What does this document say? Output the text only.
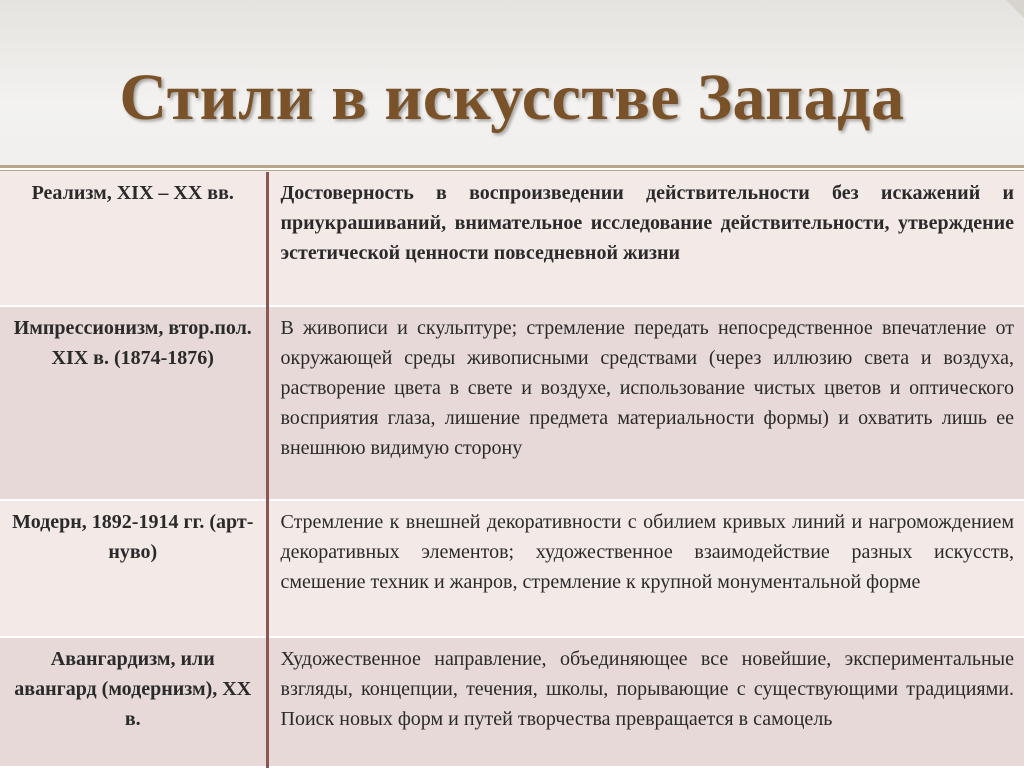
Стили в искусстве Запада
Реализм, XIX – XX вв.	Достоверность в воспроизведении действительности без искажений и приукрашиваний, внимательное исследование действительности, утверждение эстетической ценности повседневной жизни
Импрессионизм, втор.пол. XIX в. (1874-1876)	В живописи и скульптуре; стремление передать непосредственное впечатление от окружающей среды живописными средствами (через иллюзию света и воздуха, растворение цвета в свете и воздухе, использование чистых цветов и оптического восприятия глаза, лишение предмета материальности формы) и охватить лишь ее внешнюю видимую сторону
Модерн, 1892-1914 гг. (арт-нуво)	Стремление к внешней декоративности с обилием кривых линий и нагромождением декоративных элементов; художественное взаимодействие разных искусств, смешение техник и жанров, стремление к крупной монументальной форме
Авангардизм, или авангард (модернизм), XX в.	Художественное направление, объединяющее все новейшие, экспериментальные взгляды, концепции, течения, школы, порывающие с существующими традициями. Поиск новых форм и путей творчества превращается в самоцель
